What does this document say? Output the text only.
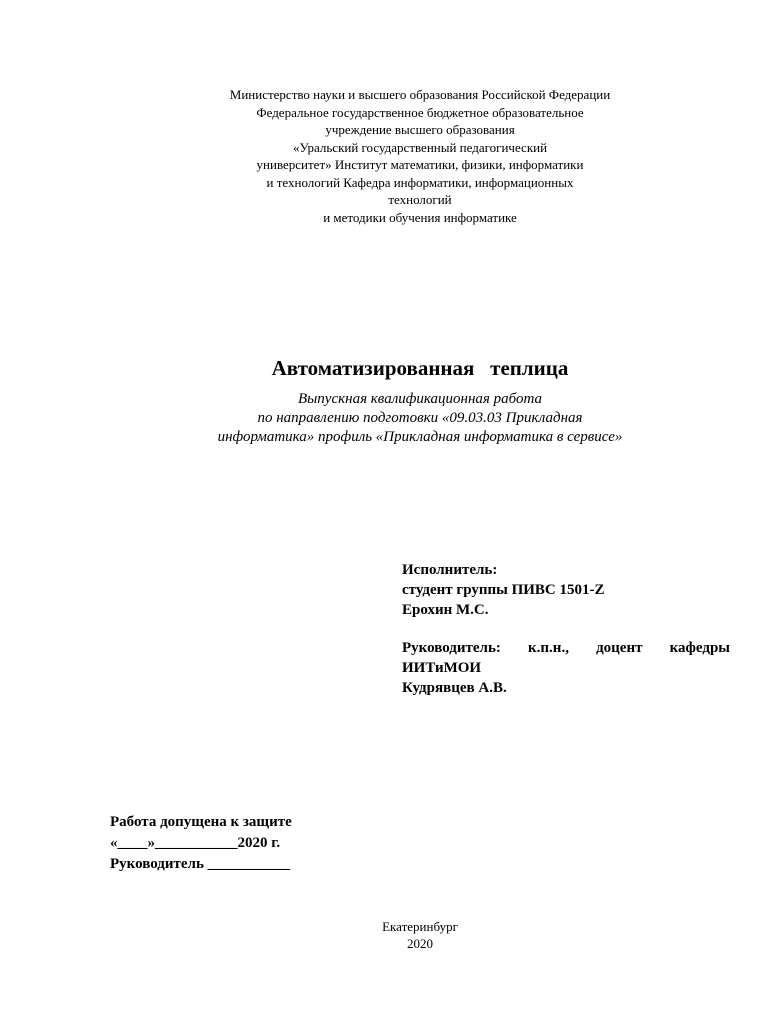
Министерство науки и высшего образования Российской Федерации
Федеральное государственное бюджетное образовательное
учреждение высшего образования
«Уральский государственный педагогический
университет» Институт математики, физики, информатики
и технологий Кафедра информатики, информационных
технологий
и методики обучения информатике
Автоматизированная   теплица
Выпускная квалификационная работа
по направлению подготовки «09.03.03 Прикладная
информатика» профиль «Прикладная информатика в сервисе»
Исполнитель:
студент группы ПИВС 1501-Z
Ерохин М.С.
Руководитель: к.п.н., доцент кафедры
ИИТиМОИ
Кудрявцев А.В.
Работа допущена к защите
«____»___________2020 г.
Руководитель ___________
Екатеринбург
2020
